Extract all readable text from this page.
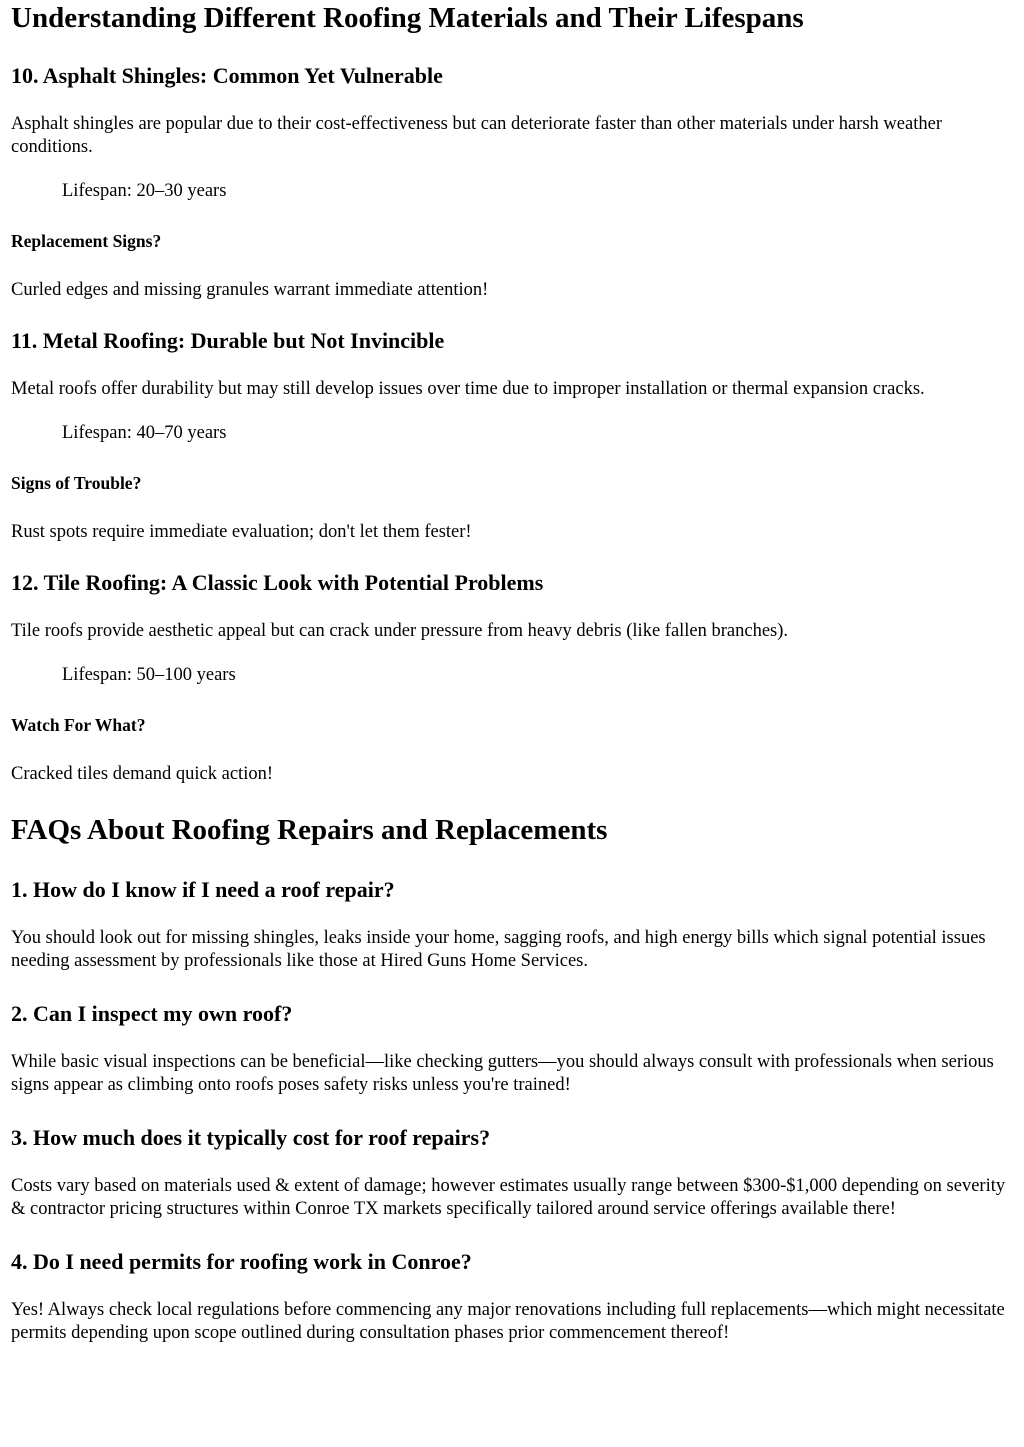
Understanding Different Roofing Materials and Their Lifespans
10. Asphalt Shingles: Common Yet Vulnerable

Asphalt shingles are popular due to their cost-effectiveness but can deteriorate faster than other materials under harsh weather conditions.

Lifespan: 20–30 years

Replacement Signs?

Curled edges and missing granules warrant immediate attention!

11. Metal Roofing: Durable but Not Invincible

Metal roofs offer durability but may still develop issues over time due to improper installation or thermal expansion cracks.

Lifespan: 40–70 years

Signs of Trouble?

Rust spots require immediate evaluation; don't let them fester!

12. Tile Roofing: A Classic Look with Potential Problems

Tile roofs provide aesthetic appeal but can crack under pressure from heavy debris (like fallen branches).

Lifespan: 50–100 years

Watch For What?

Cracked tiles demand quick action!

FAQs About Roofing Repairs and Replacements
1. How do I know if I need a roof repair?

You should look out for missing shingles, leaks inside your home, sagging roofs, and high energy bills which signal potential issues needing assessment by professionals like those at Hired Guns Home Services.

2. Can I inspect my own roof?

While basic visual inspections can be beneficial—like checking gutters—you should always consult with professionals when serious signs appear as climbing onto roofs poses safety risks unless you're trained!

3. How much does it typically cost for roof repairs?

Costs vary based on materials used & extent of damage; however estimates usually range between $300-$1,000 depending on severity & contractor pricing structures within Conroe TX markets specifically tailored around service offerings available there!

4. Do I need permits for roofing work in Conroe?

Yes! Always check local regulations before commencing any major renovations including full replacements—which might necessitate permits depending upon scope outlined during consultation phases prior commencement thereof!
